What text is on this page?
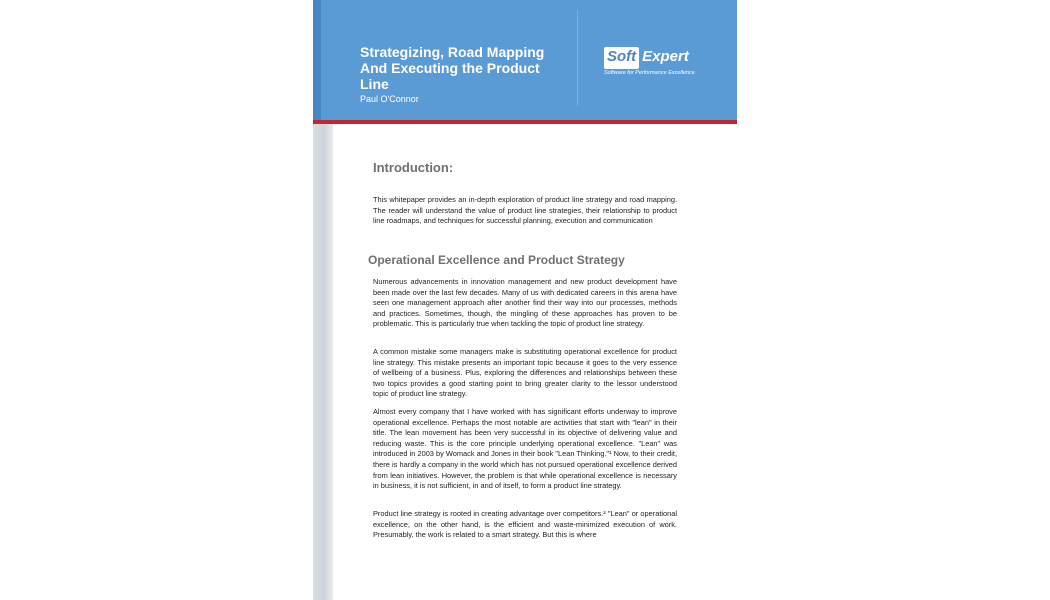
Strategizing, Road Mapping And Executing the Product Line
Paul O'Connor
Soft Expert
Software for Performance Excellence
Introduction:

This whitepaper provides an in-depth exploration of product line strategy and road mapping. The reader will understand the value of product line strategies, their relationship to product line roadmaps, and techniques for successful planning, execution and communication

Operational Excellence and Product Strategy

Numerous advancements in innovation management and new product development have been made over the last few decades. Many of us with dedicated careers in this arena have seen one management approach after another find their way into our processes, methods and practices. Sometimes, though, the mingling of these approaches has proven to be problematic. This is particularly true when tackling the topic of product line strategy.

A common mistake some managers make is substituting operational excellence for product line strategy. This mistake presents an important topic because it goes to the very essence of wellbeing of a business. Plus, exploring the differences and relationships between these two topics provides a good starting point to bring greater clarity to the lessor understood topic of product line strategy.

Almost every company that I have worked with has significant efforts underway to improve operational excellence. Perhaps the most notable are activities that start with "lean" in their title. The lean movement has been very successful in its objective of delivering value and reducing waste. This is the core principle underlying operational excellence. "Lean" was introduced in 2003 by Womack and Jones in their book "Lean Thinking."¹ Now, to their credit, there is hardly a company in the world which has not pursued operational excellence derived from lean initiatives. However, the problem is that while operational excellence is necessary in business, it is not sufficient, in and of itself, to form a product line strategy.

Product line strategy is rooted in creating advantage over competitors.² "Lean" or operational excellence, on the other hand, is the efficient and waste-minimized execution of work. Presumably, the work is related to a smart strategy. But this is where
